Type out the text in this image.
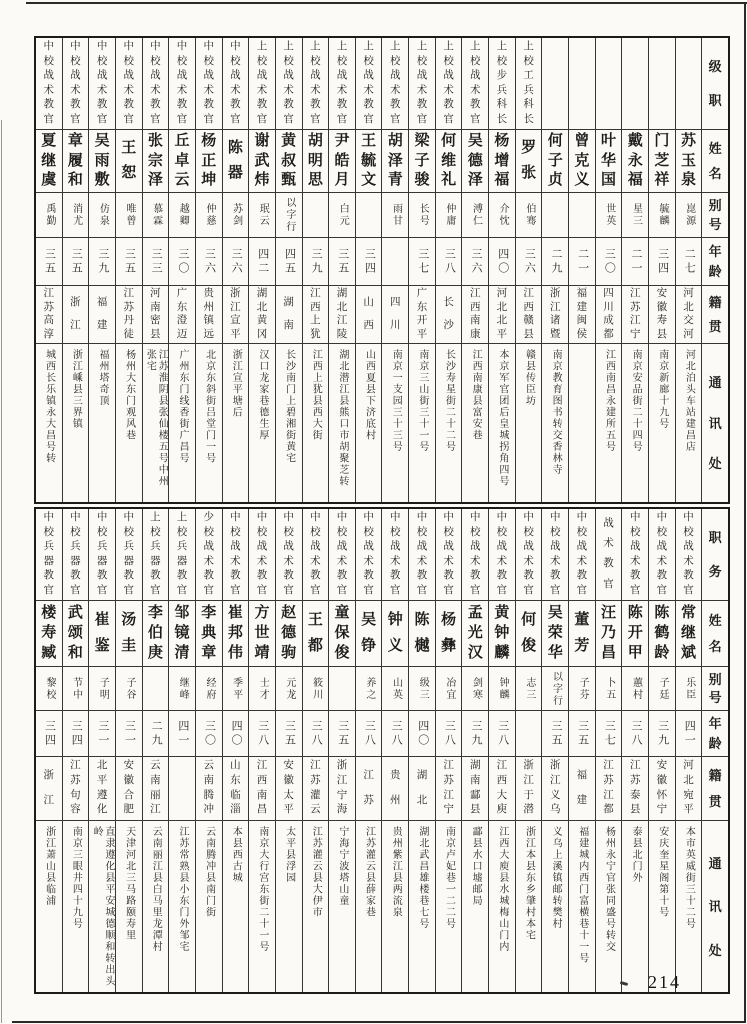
级
职
姓
名
别
号
年
龄
籍
贯
通
讯
处
苏
玉
泉
崑源
二七
河
北
交
河
河北泊头车站建昌店
门
芝
祥
毓麟
三四
安
徽
寿
县
南京新廊十九号
戴
永
福
星三
二一
江
苏
江
宁
南京安品街二十四号
叶
华
国
世英
三〇
四
川
成
都
江西南昌永建所五号
曾
克
义
二一
福
建
闽
侯
何
子
贞
二九
浙
江
诸
暨
南京教育图书转交香林寺
上
校
工
兵
科
长
罗
张
伯骞
三六
江
西
赣
县
赣县传臣坊
上
校
步
兵
科
长
杨
增
福
介忱
四〇
河
北
北
平
本京军官团后皇城拐角四号
上
校
战
术
教
官
吴
德
泽
溥仁
三六
江
西
南
康
江西南康县富安巷
上
校
战
术
教
官
何
维
礼
仲庸
三八
长
沙
长沙寿星街二十二号
上
校
战
术
教
官
梁
子
骏
长号
三七
广
东
开
平
南京三山街三十一号
上
校
战
术
教
官
胡
泽
青
雨甘
四
川
南京一支园三十三号
上
校
战
术
教
官
王
毓
文
三四
山
西
山西夏县下济底村
上
校
战
术
教
官
尹
皓
月
白元
三五
湖
北
江
陵
湖北潜江县熊口市胡聚芝转
上
校
战
术
教
官
胡
明
思
三九
江
西
上
犹
江西上犹县西大街
上
校
战
术
教
官
黄
叔
甄
以字行
四五
湖
南
长沙南门上碧湘街黄宅
上
校
战
术
教
官
谢
武
炜
珉云
四二
湖
北
黄
冈
汉口龙家巷德生厚
中
校
战
术
教
官
陈
器
苏剑
三六
浙
江
宣
平
浙江宣平塘后
中
校
战
术
教
官
杨
正
坤
仲慈
三六
贵
州
镇
远
北京东斜街吕堂门一号
中
校
战
术
教
官
丘
卓
云
越卿
三〇
广
东
澄
迈
广州东门线香街广昌号
中
校
战
术
教
官
张
宗
泽
慕霖
三三
河
南
密
县
江苏淮阴县张仙楼五号中州张宅
中
校
战
术
教
官
王
恕
唯曾
三五
江
苏
丹
徒
杨州大东门观风巷
中
校
战
术
教
官
吴
雨
敷
仿泉
三九
福
建
福州塔奇顶
中
校
战
术
教
官
章
履
和
消尤
三五
浙
江
浙江嵊县三界镇
中
校
战
术
教
官
夏
继
虞
禹勤
三五
江
苏
高
淳
城西长乐镇永大昌号转
职
务
姓
名
别
号
年
龄
籍
贯
通
讯
处
中
校
战
术
教
官
常
继
斌
乐臣
四一
河
北
宛
平
本市英威街三十二号
中
校
战
术
教
官
陈
鹤
龄
子廷
三九
安
徽
怀
宁
安庆奎星阁第十号
中
校
战
术
教
官
陈
开
甲
蕙村
三八
江
苏
泰
县
泰县北门外
战
术
教
官
汪
乃
昌
卜五
三七
江
苏
江
都
杨州永宁官张同盛号转交
中
校
战
术
教
官
董
芳
子芬
三五
福
建
福建城内西门富横巷十一号
中
校
战
术
教
官
吴
荣
华
以字行
三五
浙
江
义
乌
义乌上溪镇邮转樊村
中
校
战
术
教
官
何
俊
志三
浙
江
于
潜
浙江本县东乡肇村本宅
中
校
战
术
教
官
黄
钟
麟
钟麟
三八
江
西
大
庾
江西大庾县水城梅山门内
中
校
战
术
教
官
孟
光
汉
剑寒
三九
湖
南
酃
县
酃县水口墟邮局
中
校
战
术
教
官
杨
彝
冶宜
三八
江
苏
江
宁
南京卢妃巷一二二号
中
校
战
术
教
官
陈
樾
级三
四〇
湖
北
湖北武昌雄楼巷七号
中
校
战
术
教
官
钟
义
山英
三八
贵
州
贵州紫江县两流泉
中
校
战
术
教
官
吴
铮
养之
三八
江
苏
江苏灌云县薛家巷
中
校
战
术
教
官
童
保
俊
三五
浙
江
宁
海
宁海宁波塔山童
中
校
战
术
教
官
王
都
筱川
三八
江
苏
灌
云
江苏灌云县大伊市
中
校
战
术
教
官
赵
德
驹
元龙
三五
安
徽
太
平
太平县浮园
中
校
战
术
教
官
方
世
靖
士才
三八
江
西
南
昌
南京大行宫东街二十一号
中
校
战
术
教
官
崔
邦
伟
季平
四〇
山
东
临
淄
本县西古城
少
校
战
术
教
官
李
典
章
经府
三〇
云
南
腾
冲
云南腾冲县南门街
上
校
兵
器
教
官
邹
镜
清
继峰
四一
江苏常熟县小东门外邹宅
上
校
兵
器
教
官
李
伯
庚
二九
云
南
丽
江
云南丽江县白马里龙潭村
中
校
兵
器
教
官
汤
圭
子谷
三一
安
徽
合
肥
天津河北三马路颐寿里
中
校
兵
器
教
官
崔
鉴
子明
三一
北
平
遵
化
直隶遵化县平安城德顺和转出头岭
中
校
兵
器
教
官
武
颂
和
节中
三四
江
苏
句
容
南京三眼井四十九号
中
校
兵
器
教
官
楼
寿
臧
黎校
三四
浙
江
浙江萧山县临浦
214
